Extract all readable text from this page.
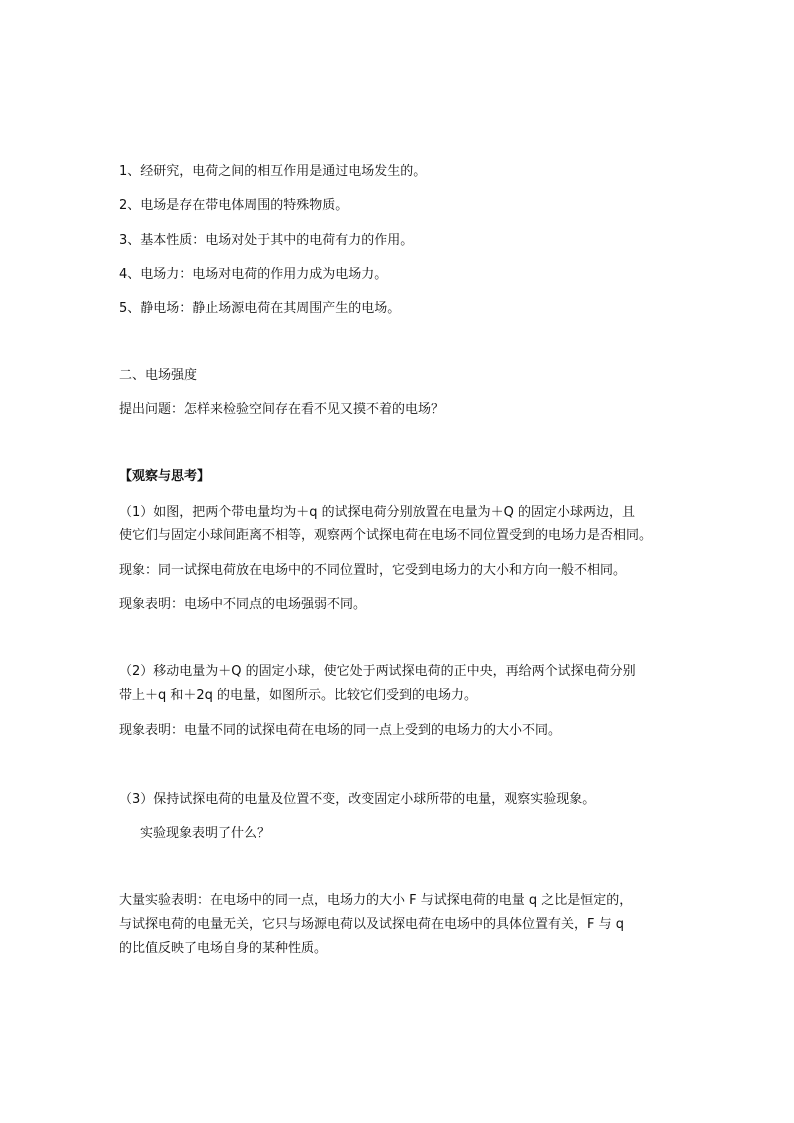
1、经研究，电荷之间的相互作用是通过电场发生的。
2、电场是存在带电体周围的特殊物质。
3、基本性质：电场对处于其中的电荷有力的作用。
4、电场力：电场对电荷的作用力成为电场力。
5、静电场：静止场源电荷在其周围产生的电场。
二、电场强度
提出问题：怎样来检验空间存在看不见又摸不着的电场？
【观察与思考】
（1）如图，把两个带电量均为＋q 的试探电荷分别放置在电量为＋Q 的固定小球两边，且
使它们与固定小球间距离不相等，观察两个试探电荷在电场不同位置受到的电场力是否相同。
现象：同一试探电荷放在电场中的不同位置时，它受到电场力的大小和方向一般不相同。
现象表明：电场中不同点的电场强弱不同。
（2）移动电量为＋Q 的固定小球，使它处于两试探电荷的正中央，再给两个试探电荷分别
带上＋q 和＋2q 的电量，如图所示。比较它们受到的电场力。
现象表明：电量不同的试探电荷在电场的同一点上受到的电场力的大小不同。
（3）保持试探电荷的电量及位置不变，改变固定小球所带的电量，观察实验现象。
实验现象表明了什么？
大量实验表明：在电场中的同一点，电场力的大小 F 与试探电荷的电量 q 之比是恒定的，
与试探电荷的电量无关，它只与场源电荷以及试探电荷在电场中的具体位置有关，F 与 q
的比值反映了电场自身的某种性质。
